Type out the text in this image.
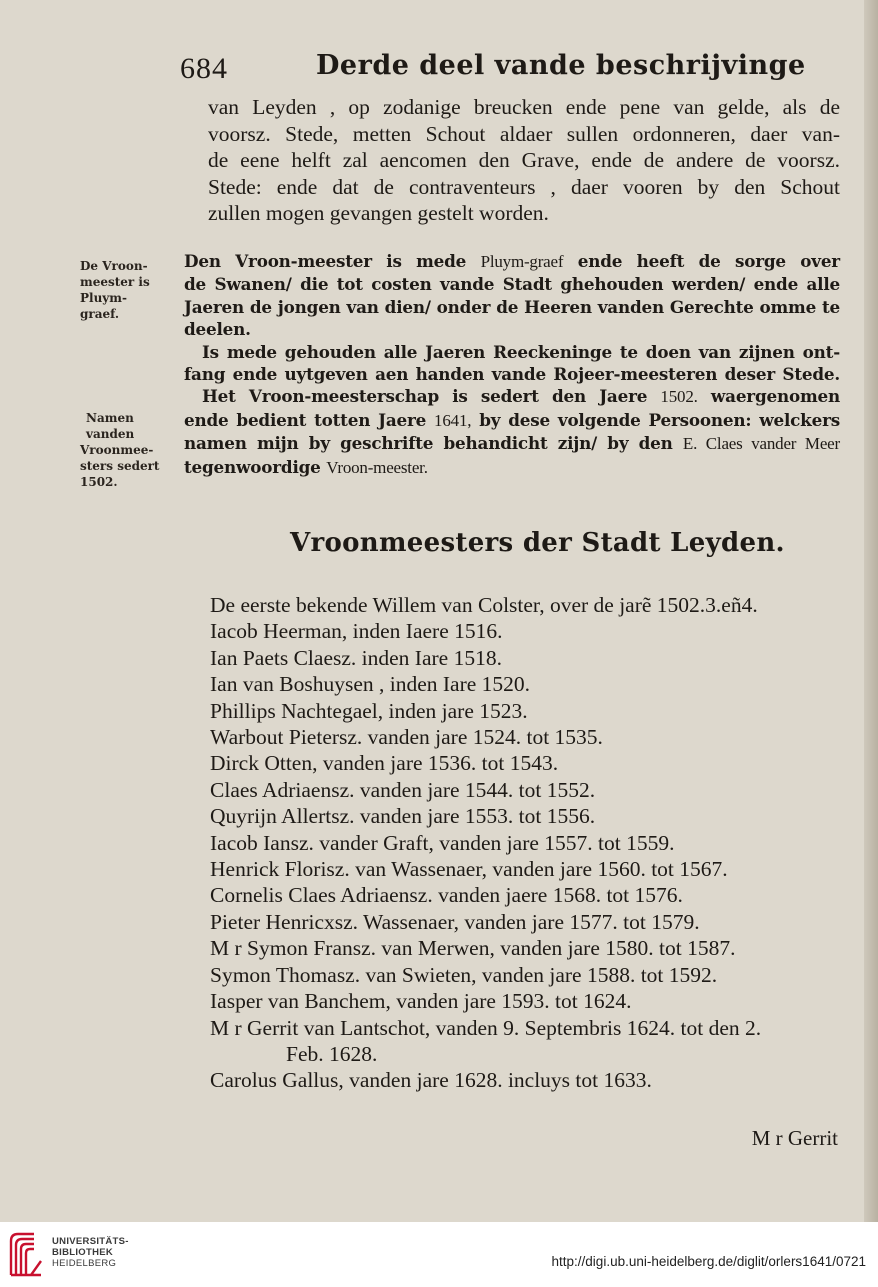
684	Derde deel vande beschrijvinge
van Leyden , op zodanige breucken ende pene van gelde, als de
voorsz. Stede, metten Schout aldaer sullen ordonneren, daer van-
de eene helft zal aencomen den Grave, ende de andere de voorsz.
Stede: ende dat de contraventeurs , daer vooren by den Schout
zullen mogen gevangen gestelt worden.
De Vroon-
meester is
Pluym-
graef.
Namen
vanden
Vroonmee-
sters sedert
1502.
Den Vroon-meester is mede Pluym-graef ende heeft de sorge over
de Swanen/ die tot costen vande Stadt ghehouden werden/ ende alle
Jaeren de jongen van dien/ onder de Heeren vanden Gerechte omme te
deelen.
Is mede gehouden alle Jaeren Reeckeninge te doen van zijnen ont-
fang ende uytgeven aen handen vande Rojeer-meesteren deser Stede.
Het Vroon-meesterschap is sedert den Jaere 1502. waergenomen
ende bedient totten Jaere 1641, by dese volgende Persoonen: welckers
namen mijn by geschrifte behandicht zijn/ by den E. Claes vander Meer
tegenwoordige Vroon-meester.
Vroonmeesters der Stadt Leyden.
De eerste bekende Willem van Colster, over de jarẽ 1502.3.eñ4.
Iacob Heerman, inden Iaere 1516.
Ian Paets Claesz. inden Iare 1518.
Ian van Boshuysen , inden Iare 1520.
Phillips Nachtegael, inden jare 1523.
Warbout Pietersz. vanden jare 1524. tot 1535.
Dirck Otten, vanden jare 1536. tot 1543.
Claes Adriaensz. vanden jare 1544. tot 1552.
Quyrijn Allertsz. vanden jare 1553. tot 1556.
Iacob Iansz. vander Graft, vanden jare 1557. tot 1559.
Henrick Florisz. van Wassenaer, vanden jare 1560. tot 1567.
Cornelis Claes Adriaensz. vanden jaere 1568. tot 1576.
Pieter Henricxsz. Wassenaer, vanden jare 1577. tot 1579.
M r Symon Fransz. van Merwen, vanden jare 1580. tot 1587.
Symon Thomasz. van Swieten, vanden jare 1588. tot 1592.
Iasper van Banchem, vanden jare 1593. tot 1624.
M r Gerrit van Lantschot, vanden 9. Septembris 1624. tot den 2.
Feb. 1628.
Carolus Gallus, vanden jare 1628. incluys tot 1633.
M r Gerrit
UNIVERSITÄTS-
BIBLIOTHEK
HEIDELBERG	http://digi.ub.uni-heidelberg.de/diglit/orlers1641/0721
